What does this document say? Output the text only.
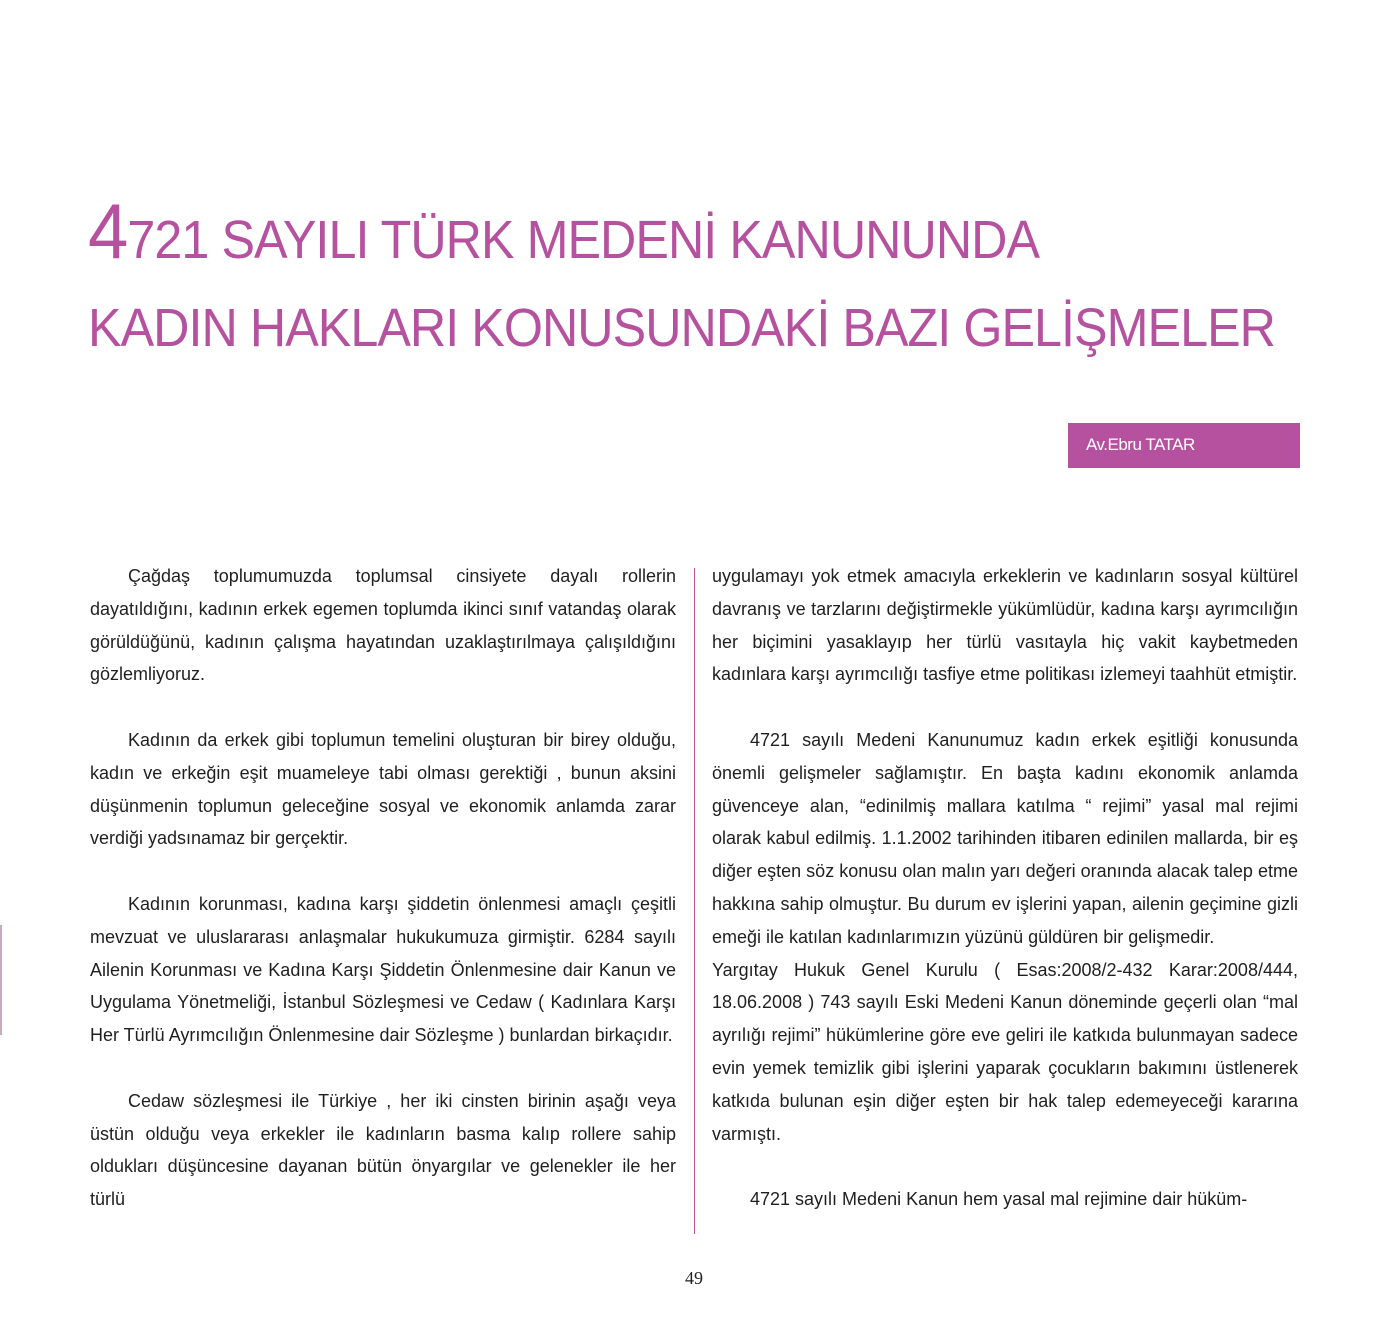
4721 SAYILI TÜRK MEDENİ KANUNUNDA
KADIN HAKLARI KONUSUNDAKİ BAZI GELİŞMELER
Av.Ebru TATAR

Çağdaş toplumumuzda toplumsal cinsiyete dayalı rollerin dayatıldığını, kadının erkek egemen toplumda ikinci sınıf vatandaş olarak görüldüğünü, kadının çalışma hayatından uzaklaştırılmaya çalışıldığını gözlemliyoruz.

Kadının da erkek gibi toplumun temelini oluşturan bir birey olduğu, kadın ve erkeğin eşit muameleye tabi olması gerektiği , bunun aksini düşünmenin toplumun geleceğine sosyal ve ekonomik anlamda zarar verdiği yadsınamaz bir gerçektir.

Kadının korunması, kadına karşı şiddetin önlenmesi amaçlı çeşitli mevzuat ve uluslararası anlaşmalar hukukumuza girmiştir. 6284 sayılı Ailenin Korunması ve Kadına Karşı Şiddetin Önlenmesine dair Kanun ve Uygulama Yönetmeliği, İstanbul Sözleşmesi ve Cedaw ( Kadınlara Karşı Her Türlü Ayrımcılığın Önlenmesine dair Sözleşme ) bunlardan birkaçıdır.

Cedaw sözleşmesi ile Türkiye , her iki cinsten birinin aşağı veya üstün olduğu veya erkekler ile kadınların basma kalıp rollere sahip oldukları düşüncesine dayanan bütün önyargılar ve gelenekler ile her türlü

uygulamayı yok etmek amacıyla erkeklerin ve kadınların sosyal kültürel davranış ve tarzlarını değiştirmekle yükümlüdür, kadına karşı ayrımcılığın her biçimini yasaklayıp her türlü vasıtayla hiç vakit kaybetmeden kadınlara karşı ayrımcılığı tasfiye etme politikası izlemeyi taahhüt etmiştir.

4721 sayılı Medeni Kanunumuz kadın erkek eşitliği konusunda önemli gelişmeler sağlamıştır. En başta kadını ekonomik anlamda güvenceye alan, “edinilmiş mallara katılma “ rejimi” yasal mal rejimi olarak kabul edilmiş. 1.1.2002 tarihinden itibaren edinilen mallarda, bir eş diğer eşten söz konusu olan malın yarı değeri oranında alacak talep etme hakkına sahip olmuştur. Bu durum ev işlerini yapan, ailenin geçimine gizli emeği ile katılan kadınlarımızın yüzünü güldüren bir gelişmedir.

Yargıtay Hukuk Genel Kurulu ( Esas:2008/2-432 Karar:2008/444, 18.06.2008 ) 743 sayılı Eski Medeni Kanun döneminde geçerli olan “mal ayrılığı rejimi” hükümlerine göre eve geliri ile katkıda bulunmayan sadece evin yemek temizlik gibi işlerini yaparak çocukların bakımını üstlenerek katkıda bulunan eşin diğer eşten bir hak talep edemeyeceği kararına varmıştı.

4721 sayılı Medeni Kanun hem yasal mal rejimine dair hüküm-

49
